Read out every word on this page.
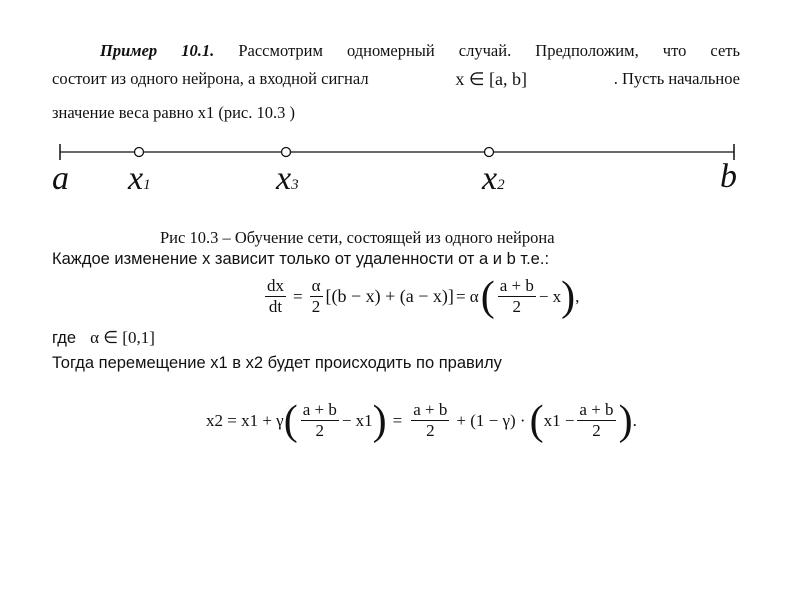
Пример 10.1. Рассмотрим одномерный случай. Предположим, что сеть
состоит из одного нейрона, а входной сигнал	x ∈ [a, b]	. Пусть начальное
значение веса равно x1 (рис. 10.3 )
a x1	x3	x2	b
Рис 10.3 – Обучение сети, состоящей из одного нейрона
Каждое изменение x зависит только от удаленности от a и b т.е.:
$\frac{dx}{dt} = \frac{\alpha}{2} [(b - x) + (a - x)] = \alpha$ ( $\frac{a + b}{2} - x$ ) ,
где α ∈ [0,1]
Тогда перемещение x1 в x2 будет происходить по правилу
x2 = x1 + γ ( $\frac{a + b}{2} - x1$ ) = $\frac{a + b}{2} + (1 - \gamma)$ · ( $x1 - \frac{a + b}{2}$ ) .
